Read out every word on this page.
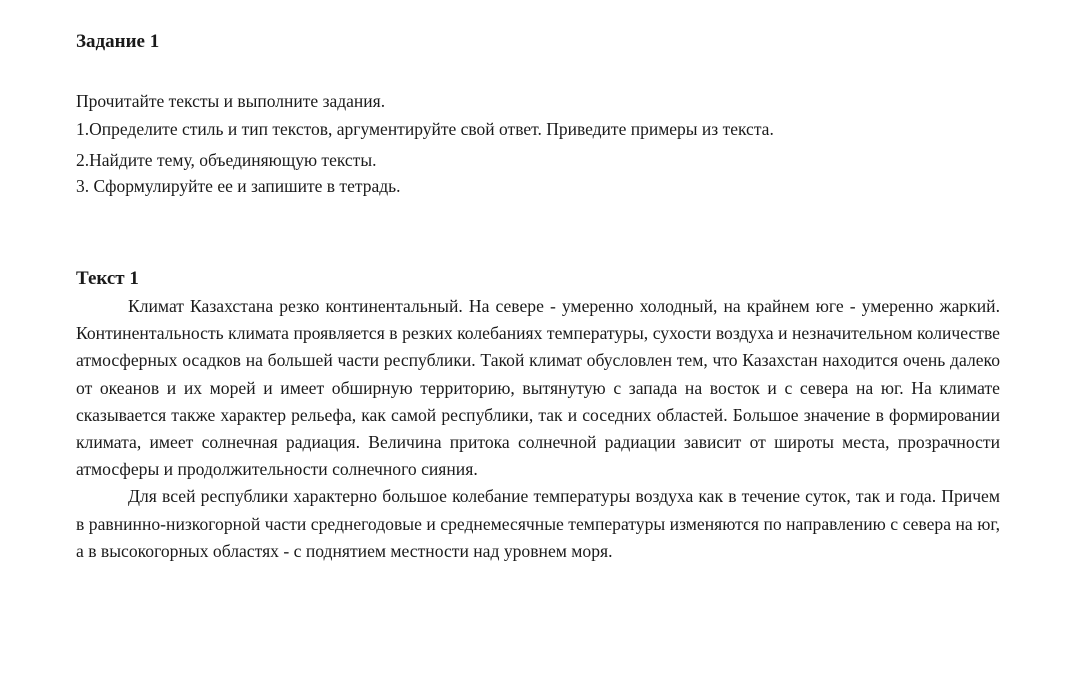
Задание 1
Прочитайте тексты и выполните задания.
1.Определите стиль и тип текстов, аргументируйте свой ответ. Приведите примеры из текста.
2.Найдите тему, объединяющую тексты.
3. Сформулируйте ее и запишите в тетрадь.
Текст 1

Климат Казахстана резко континентальный. На севере - умеренно холодный, на крайнем юге - умеренно жаркий. Континентальность климата проявляется в резких колебаниях температуры, сухости воздуха и незначительном количестве атмосферных осадков на большей части республики. Такой климат обусловлен тем, что Казахстан находится очень далеко от океанов и их морей и имеет обширную территорию, вытянутую с запада на восток и с севера на юг. На климате сказывается также характер рельефа, как самой республики, так и соседних областей. Большое значение в формировании климата, имеет солнечная радиация. Величина притока солнечной радиации зависит от широты места, прозрачности атмосферы и продолжительности солнечного сияния.

Для всей республики характерно большое колебание температуры воздуха как в течение суток, так и года. Причем в равнинно-низкогорной части среднегодовые и среднемесячные температуры изменяются по направлению с севера на юг, а в высокогорных областях - с поднятием местности над уровнем моря.
